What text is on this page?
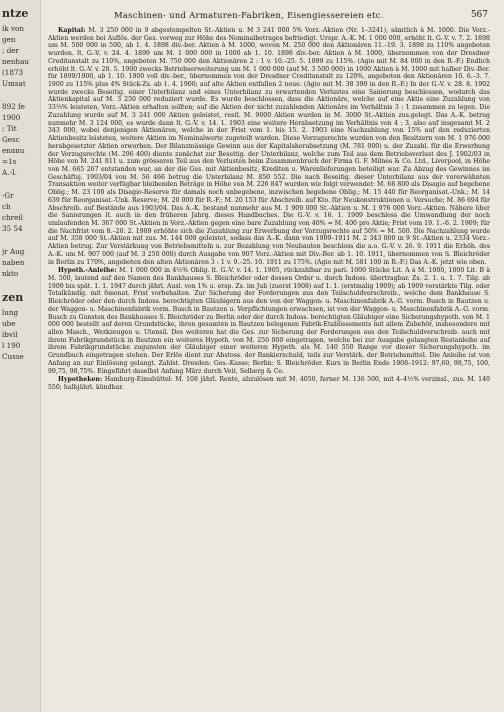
ntze
ik von
gen
; der
nenhau
(1873
Umsat
892 fe
1900
; Tit
Gesc
enanu
=1s
A.-I.
-Gr
ch
chreil
35 54
jr Aug
naben
nkto
zen
lung
ube
ibvil
l 190
Cusse
Maschinen- und Armaturen-Fabriken, Eisengiessereien etc.	567

Kapital: M. 3 250 000 in 9 abgestempelten St.-Aktien u. M 3 241 000 5% Vorz.-Aktien (Nr. 1–3241), sämtlich à M. 1000. Die Vorz.-Aktien werden bei Auflös. der Ges. vorweg zur Höhe des Nominalbetrages befriedigt. Urspr. A.-K. M. 1 000 000, erhöht lt. G.-V. v. 7. 2. 1898 um M. 500 000 in 500, ab 1. 4. 1898 div.-ber. Aktien à M. 1000, wovon M. 250 000 den Aktionären 11.–19. 3. 1898 zu 110% angeboten wurden. lt. G.-V. v. 24. 4. 1899 um M. 1 000 000 in 1000 ab 1. 10. 1898 div.-ber. Aktien à M. 1000, übernommen von der Dresdner Creditanstalt zu 110%, angeboten M. 750 000 den Aktionären 2 : 1 v. 10.–25. 5. 1899 zu 115%. (Agio mit M. 84 000 in den R.-F.) Endlich erhöht lt. G.-V. v. 28. 5. 1900 zwecks Betriebserweiterung um M. 1 000 000 (auf M. 3 500 000) in 1000 Aktien à M. 1000 mit halber Div.-Ber. für 1899/1900, ab 1. 10. 1900 voll div.-ber., übernommen von der Dresdner Creditanstalt zu 120%, angeboten den Aktionären 10. 6.–3. 7. 1900 zu 115% plus 4% Stück-Zs. ab 1. 4. 1900; auf alte Aktien entfallen 2 neue. (Agio mit M. 38 390 in den R.-F.) In der G.-V. v. 28. 8. 1902 wurde zwecks Beseitig. einer Unterbilanz und eines Unterbilanz zu erwartenden Verlustes eine Sanierung beschlossen, wodurch das Aktienkapital auf M. 3 250 000 reduziert wurde. Es wurde beschlossen, dass die Aktionäre, welche auf eine Aktie eine Zuzahlung von 33⅓% leisteten, Vorz.-Aktien erhalten sollten; auf die Aktien der nicht zuzahlenden Aktionäre im Verhältnis 3 : 1 zusammen zu legen. Die Zuzahlung wurde auf M. 3 241 000 Aktien geleistet, restl. M. 9000 Aktien wurden in M. 3000 St.-Aktien zus.gelegt. Das A.-K. betrug nunmehr M. 3 124 000, es wurde dann lt. G.-V. v. 14. 1. 1903 eine weitere Herabsetzung im Verhältnis von 4 : 3, also auf insgesamt M. 2 343 000, wobei denjenigen Aktionären, welche in der Frist vom 1. bis 15. 2. 1903 eine Nachzahlung von 15% auf den reduzierten Aktienbesitz leisteten, weitere Aktien im Nominalwerte zugeteilt wurden. Diese Vorzugsrechte wurden von den Besitzern von M. 1 976 000 herabgesetzter Aktien erworben. Der Bilanzmässige Gewinn aus der Kapitalsherabsetzung (M. 781 000) u. der Zuzahl. für die Erwerbung der Vorzugsrechte (M. 296 400) diente zunächst zur Beseitig. der Unterbilanz, welche zum Teil aus dem Betriebsverlust des J. 1902/03 in Höhe von M. 241 811 u. zum grösseren Teil aus den Verlusten beim Zusammenbruch der Firma G. F. Milnes & Co. Ltd., Liverpool, in Höhe von M. 665 267 entstanden war, an der die Ges. mit Aktienbesitz, Krediten u. Warenlieferungen beteiligt war. Zu Abzug des Gewinnes im Geschäftsj. 1903/04 von M. 56 466 betrug die Unterbilanz M. 850 552. Die nach Beseitig. dieser Unterbilanz aus der vorerwähnten Transaktion weiter verfügbar bleibenden Beträge in Höhe von M. 226 847 wurden wie folgt verwendet: M. 68 800 als Disagio auf begebene Oblig.; M. 23 100 als Disagio-Reserve für damals noch unbegebene, inzwischen begebene Oblig.; M. 15 440 für Reorganisat.-Unk.; M. 14 639 für Reorganisat.-Unk. Reserve; M. 20 000 für R.-F.; M. 20 153 für Abschreib. auf Kto. für Neukonstruktionen u. Versuche; M. 86 694 für Abschreib. auf Bestände aus 1903/04. Das A.-K. bestand nunmehr aus M. 1 909 000 St.-Aktien u. M. 1 976 000 Vorz.-Aktien. Nähere über die Sanierungen lt. auch in den früheren Jahrg. dieses Handbuches. Die G.-V. v. 16. 1. 1909 beschloss die Umwandlung der noch umlaufenden M. 367 000 St.-Aktien in Vorz.-Aktien gegen eine bare Zuzahlung von 40% = M. 400 pro Aktie; Frist vom 19. 1.–6. 2. 1909; für die Nachfrist vom 8.–20. 2. 1909 erhöhte sich die Zuzahlung zur Erwerbung der Vorzugsrechte auf 50% = M. 500. Die Nachzahlung wurde auf M. 358 000 St.-Aktien mit zus. M. 144 000 geleistet, sodass das A.-K. dann von 1909–1911 M. 2 343 000 in 9 St.-Aktien u. 2334 Vorz.-Aktien betrug. Zur Verstärkung von Betriebsmitteln u. zur Bezahlung von Neubauten beschloss die a.o. G.-V. v. 26. 9. 1911 die Erhöh. des A.-K. um M. 907 000 (auf M. 3 250 000) durch Ausgabe von 907 Vorz.-Aktien mit Div.-Ber. ab 1. 10. 1911, übernommen von S. Bleichröder in Berlin zu 170%, angeboten den alten Aktionären 3 : 1 v. 9.–25. 10. 1911 zu 175%. (Agio mit M. 581 100 in R.-F.) Das A.-K. jetzt wie oben.

Hypoth.-Anleihe: M. 1 000 000 in 4½% Oblig. lt. G.-V. v. 14. 1. 1905, rückzahlbar zu pari. 1000 Stücke Lit. A à M. 1000, 1000 Lit. B à M. 500, lautend auf den Namen des Bankhauses S. Bleichröder oder dessen Order u. durch Indoss. übertragbar. Zs. 2. 1. u. 1. 7. Tilg. ab 1909 bis spät. 1. 1. 1947 durch jährl. Ausl. von 1% u. ersp. Zs. im Juli (zuerst 1908) auf 1. 1. (erstmalig 1909); ab 1909 verstärkte Tilg. oder Totalkündig. mit 6monat. Frist vorbehalten. Zur Sicherung der Forderungen aus den Teilschuldverschreib., welche dem Bankhause S. Bleichröder oder den durch Indoss. berechtigten Gläubigern aus den von der Waggon- u. Maschinenfabrik A.-G. vorm. Busch in Bautzen u. der Waggon- u. Maschinenfabrik vorm. Busch in Bautzen u. Verpflichtungen erwachsen, ist von der Waggon- u. Maschinenfabrik A.-G. vorm. Busch zu Gunsten des Bankhauses S. Bleichröder zu Berlin oder der durch Indoss. berechtigten Gläubiger eine Sicherungshypoth. von M. 1 000 000 bestellt auf deren Grundstücke, ihren gesamten in Bautzen belegenen Fabrik-Etablissements mit allem Zubehör, insbesondere mit allen Masch., Werkzeugen u. Utensil. Des weiteren hat die Ges. zur Sicherung der Forderungen aus den Teilschuldverschreib. auch mit ihrem Fabrikgrundstück in Bautzen ein weiteres Hypoth. von M. 250 000 eingetragen, welche bei zur Ausgabe gelangten Restanleihe auf ihrem Fabrikgrundstücke zugunsten der Gläubiger einer weiteren Hypoth. als M. 140 550 Range vor dieser Sicherungshypoth. im Grundbuch eingetragen stehen. Der Erlös dient zur Abstoss. der Bankierschuld, teils zur Verstärk. der Betriebsmittel. Die Anleihe ist von Anfang an zur Einlösung gelangt. Zahlst. Dresden: Ges.-Kasse; Berlin: S. Bleichröder. Kurs in Berlin Ende 1908–1912: 97,60, 98,75, 100, 99,75, 98,75%. Eingeführt daselbst Anfang März durch Veit, Selberg & Co.

Hypotheken: Hamburg-Eimsbüttel: M. 108 jährl. Rente, abzulösen mit M. 4050, ferner M. 136 500, mit 4–4½% verzinsl., zus. M. 140 550; halbjährl. kündbar.
